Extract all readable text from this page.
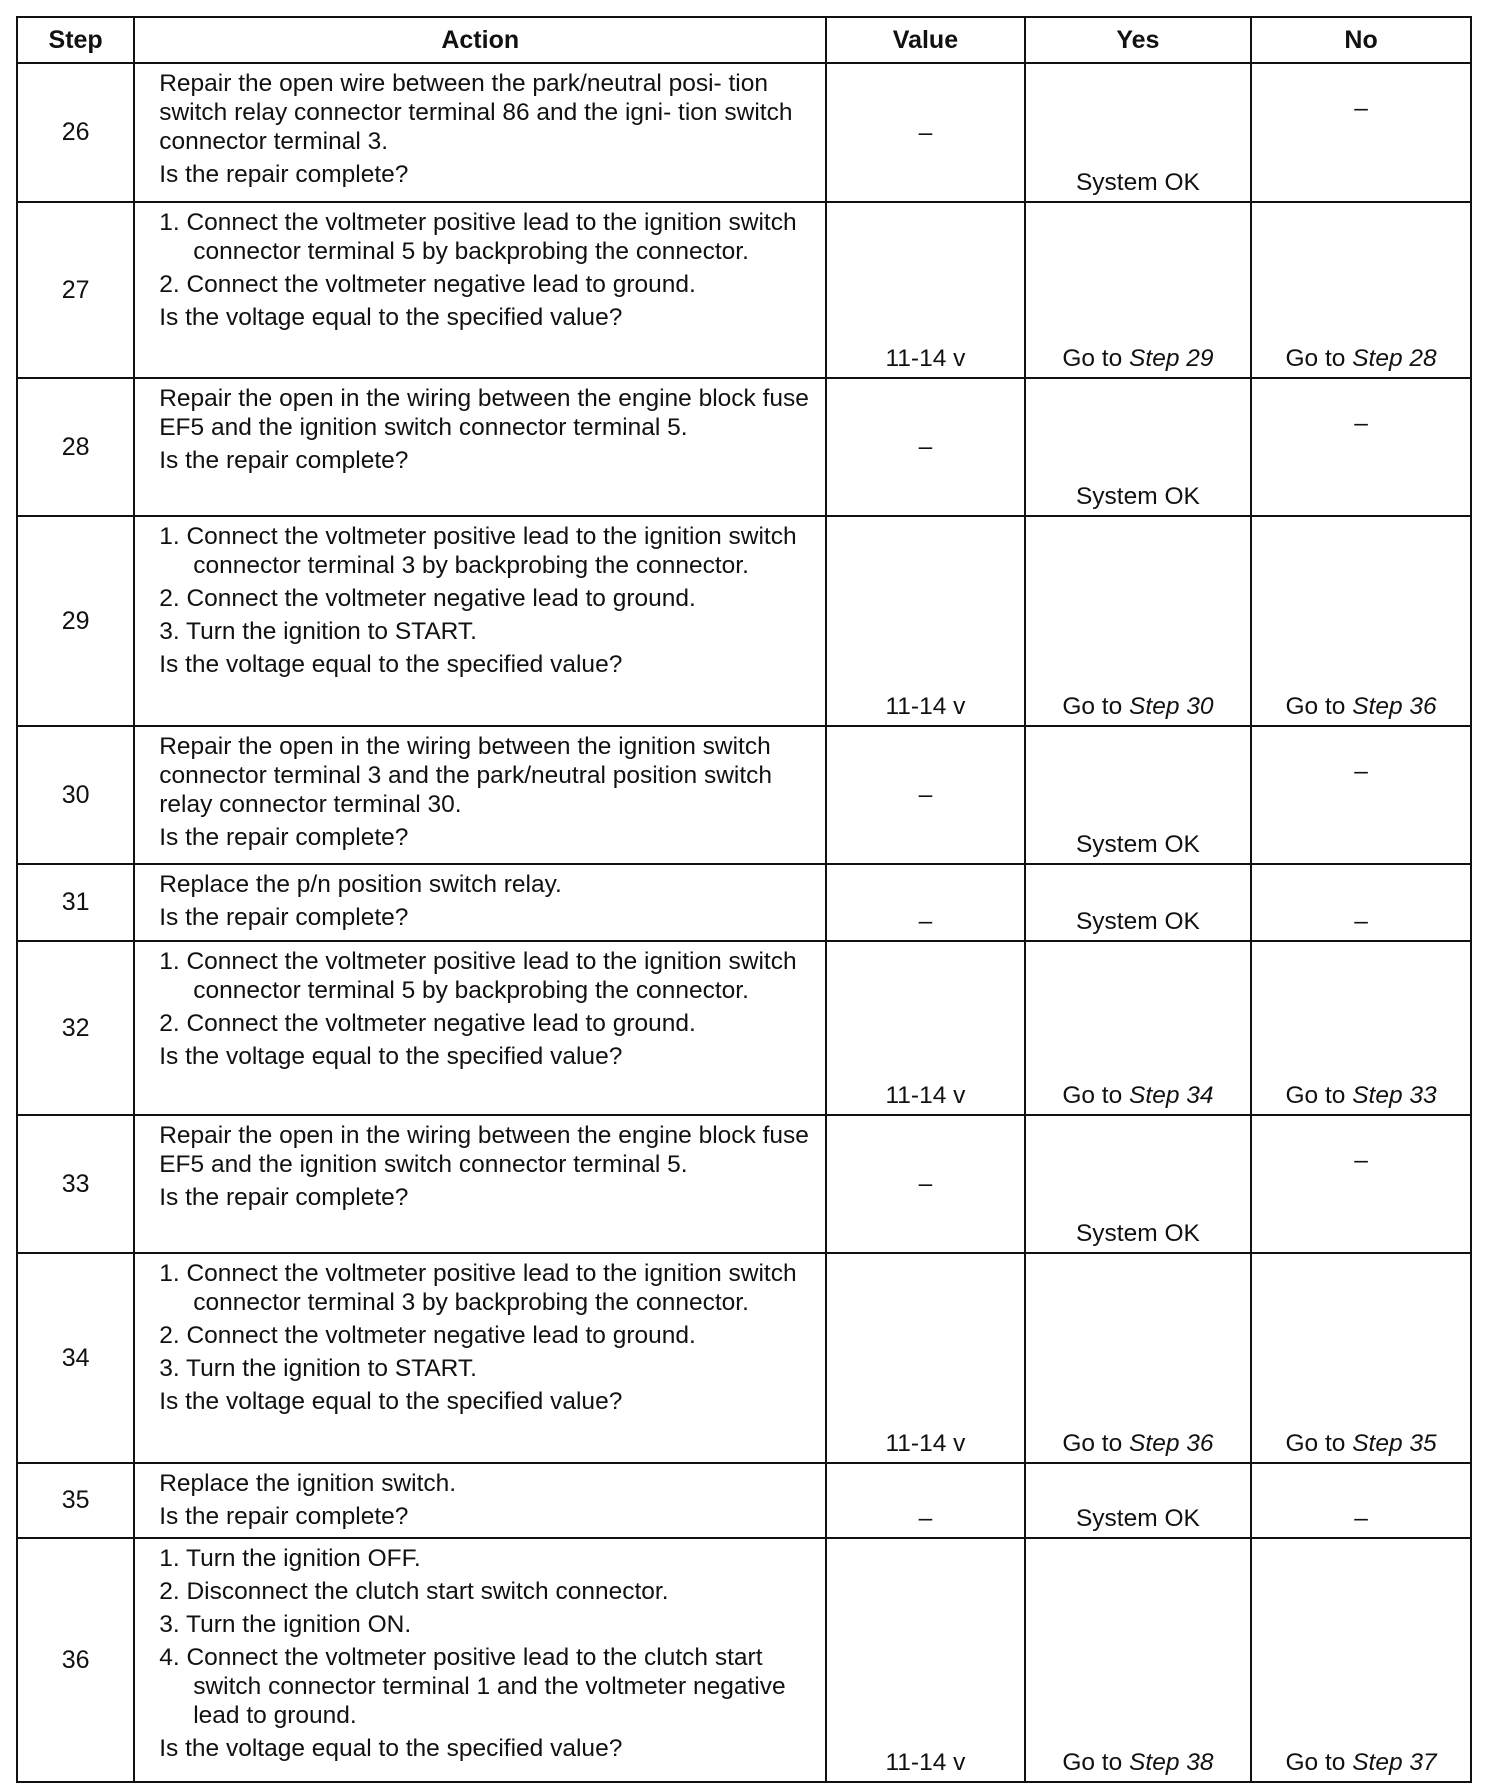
Step	Action	Value	Yes	No
26	Repair the open wire between the park/neutral posi- tion switch relay connector terminal 86 and the igni- tion switch connector terminal 3.
Is the repair complete?	–	System OK	–

27	1. Connect the voltmeter positive lead to the ignition switch connector terminal 5 by backprobing the connector.
2. Connect the voltmeter negative lead to ground.
Is the voltage equal to the specified value?	11-14 v	Go to Step 29	Go to Step 28

28	Repair the open in the wiring between the engine block fuse EF5 and the ignition switch connector terminal 5.
Is the repair complete?	–	System OK	–

29	1. Connect the voltmeter positive lead to the ignition switch connector terminal 3 by backprobing the connector.
2. Connect the voltmeter negative lead to ground.
3. Turn the ignition to START.
Is the voltage equal to the specified value?	11-14 v	Go to Step 30	Go to Step 36

30	Repair the open in the wiring between the ignition switch connector terminal 3 and the park/neutral position switch relay connector terminal 30.
Is the repair complete?	–	System OK	–

31	Replace the p/n position switch relay.
Is the repair complete?	–	System OK	–

32	1. Connect the voltmeter positive lead to the ignition switch connector terminal 5 by backprobing the connector.
2. Connect the voltmeter negative lead to ground.
Is the voltage equal to the specified value?	11-14 v	Go to Step 34	Go to Step 33

33	Repair the open in the wiring between the engine block fuse EF5 and the ignition switch connector terminal 5.
Is the repair complete?	–	System OK	–

34	1. Connect the voltmeter positive lead to the ignition switch connector terminal 3 by backprobing the connector.
2. Connect the voltmeter negative lead to ground.
3. Turn the ignition to START.
Is the voltage equal to the specified value?	11-14 v	Go to Step 36	Go to Step 35

35	Replace the ignition switch.
Is the repair complete?	–	System OK	–

36	1. Turn the ignition OFF.
2. Disconnect the clutch start switch connector.
3. Turn the ignition ON.
4. Connect the voltmeter positive lead to the clutch start switch connector terminal 1 and the voltmeter negative lead to ground.
Is the voltage equal to the specified value?	11-14 v	Go to Step 38	Go to Step 37
